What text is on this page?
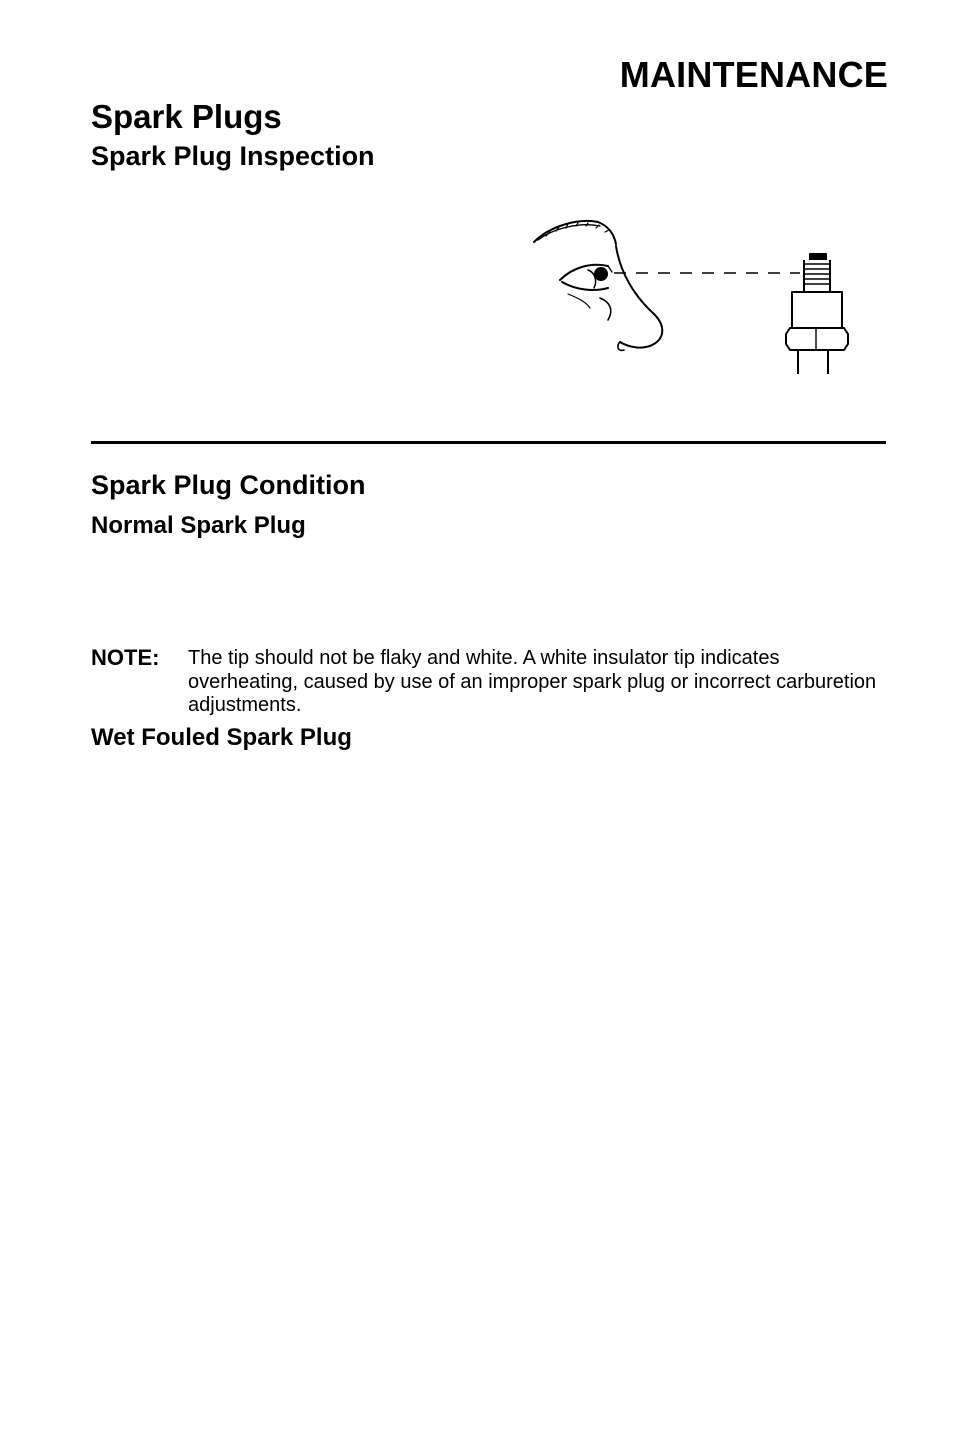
MAINTENANCE
Spark Plugs
Spark Plug Inspection
Spark Plug Condition
Normal Spark Plug
NOTE: The tip should not be flaky and white. A white insulator tip indicates overheating, caused by use of an improper spark plug or incorrect carburetion adjustments.
Wet Fouled Spark Plug
